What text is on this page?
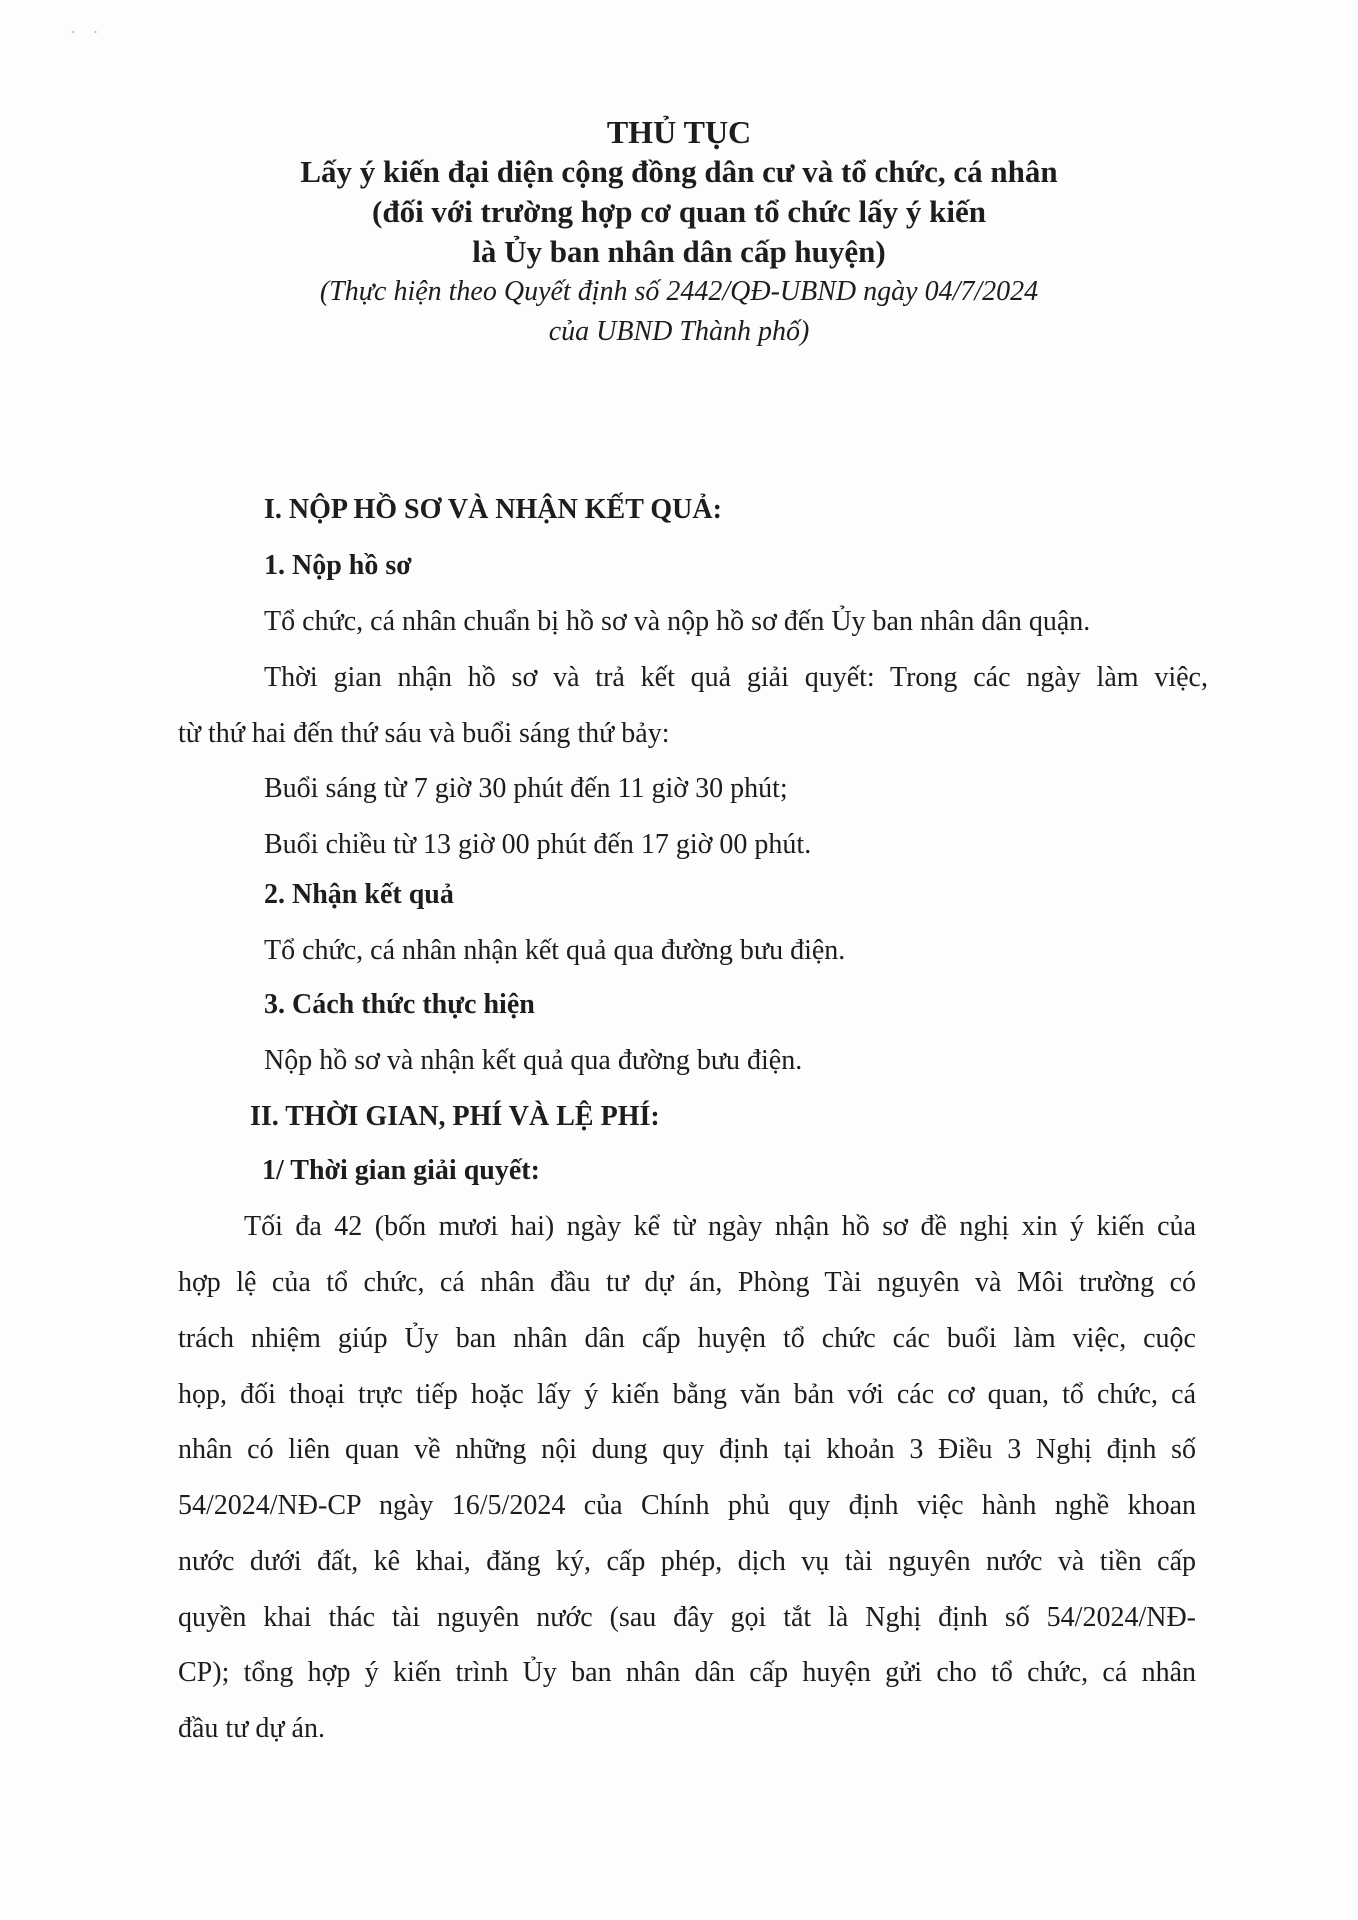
· ·

THỦ TỤC

Lấy ý kiến đại diện cộng đồng dân cư và tổ chức, cá nhân

(đối với trường hợp cơ quan tổ chức lấy ý kiến

là Ủy ban nhân dân cấp huyện)

(Thực hiện theo Quyết định số 2442/QĐ-UBND ngày 04/7/2024

của UBND Thành phố)

I. NỘP HỒ SƠ VÀ NHẬN KẾT QUẢ:

1. Nộp hồ sơ

Tổ chức, cá nhân chuẩn bị hồ sơ và nộp hồ sơ đến Ủy ban nhân dân quận.

Thời gian nhận hồ sơ và trả kết quả giải quyết: Trong các ngày làm việc,

từ thứ hai đến thứ sáu và buổi sáng thứ bảy:

Buổi sáng từ 7 giờ 30 phút đến 11 giờ 30 phút;

Buổi chiều từ 13 giờ 00 phút đến 17 giờ 00 phút.

2. Nhận kết quả

Tổ chức, cá nhân nhận kết quả qua đường bưu điện.

3. Cách thức thực hiện

Nộp hồ sơ và nhận kết quả qua đường bưu điện.

II. THỜI GIAN, PHÍ VÀ LỆ PHÍ:

1/ Thời gian giải quyết:

Tối đa 42 (bốn mươi hai) ngày kể từ ngày nhận hồ sơ đề nghị xin ý kiến của

hợp lệ của tổ chức, cá nhân đầu tư dự án, Phòng Tài nguyên và Môi trường có

trách nhiệm giúp Ủy ban nhân dân cấp huyện tổ chức các buổi làm việc, cuộc

họp, đối thoại trực tiếp hoặc lấy ý kiến bằng văn bản với các cơ quan, tổ chức, cá

nhân có liên quan về những nội dung quy định tại khoản 3 Điều 3 Nghị định số

54/2024/NĐ-CP ngày 16/5/2024 của Chính phủ quy định việc hành nghề khoan

nước dưới đất, kê khai, đăng ký, cấp phép, dịch vụ tài nguyên nước và tiền cấp

quyền khai thác tài nguyên nước (sau đây gọi tắt là Nghị định số 54/2024/NĐ-

CP); tổng hợp ý kiến trình Ủy ban nhân dân cấp huyện gửi cho tổ chức, cá nhân

đầu tư dự án.
